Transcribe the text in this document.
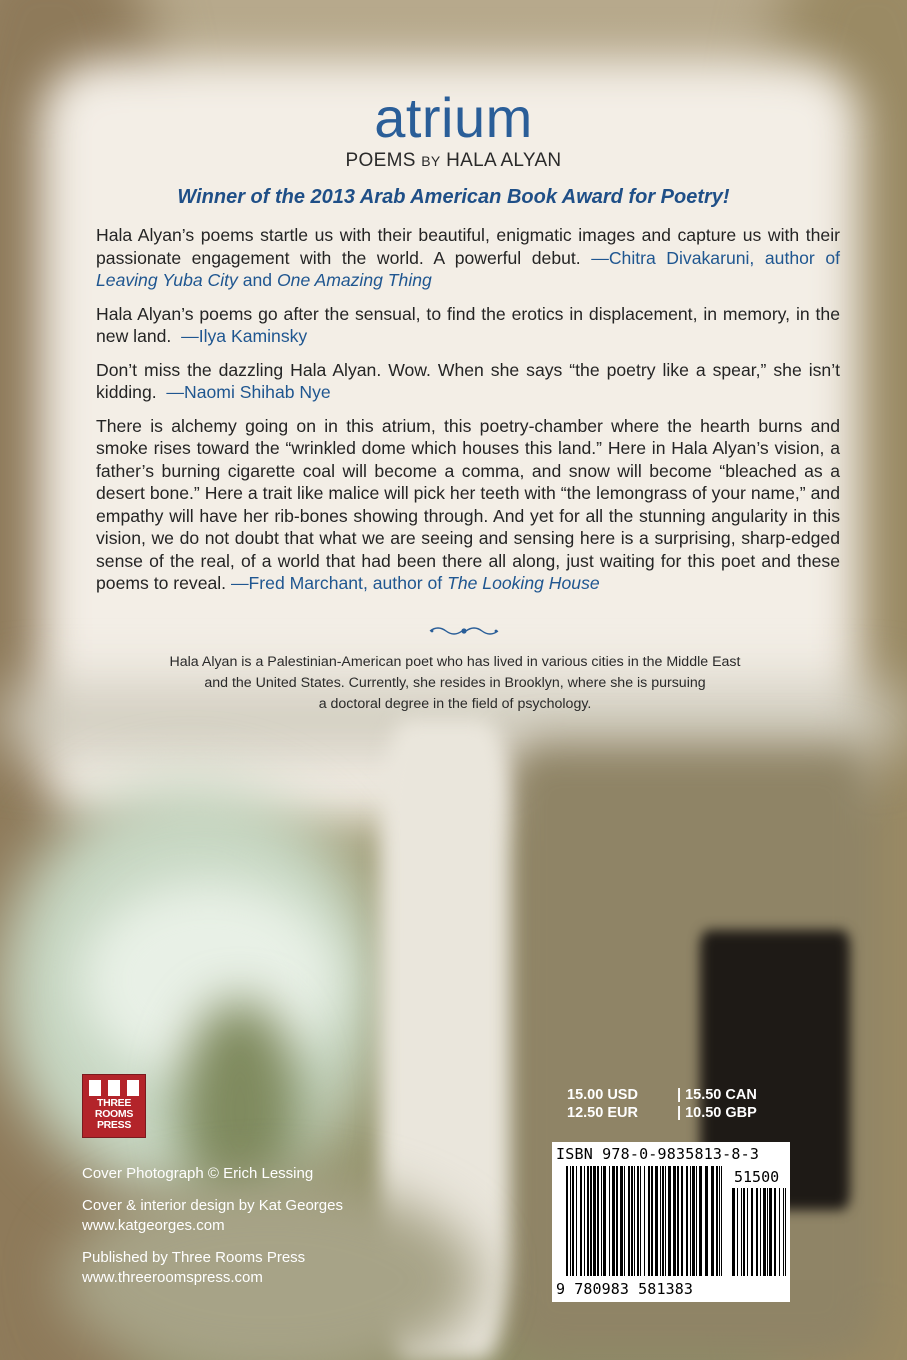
atrium
POEMS BY HALA ALYAN
Winner of the 2013 Arab American Book Award for Poetry!

Hala Alyan’s poems startle us with their beautiful, enigmatic images and capture us with their passionate engagement with the world. A powerful debut. —Chitra Divakaruni, author of Leaving Yuba City and One Amazing Thing

Hala Alyan’s poems go after the sensual, to find the erotics in displacement, in memory, in the new land.  —Ilya Kaminsky

Don’t miss the dazzling Hala Alyan. Wow. When she says “the poetry like a spear,” she isn’t kidding.  —Naomi Shihab Nye

There is alchemy going on in this atrium, this poetry-chamber where the hearth burns and smoke rises toward the “wrinkled dome which houses this land.” Here in Hala Alyan’s vision, a father’s burning cigarette coal will become a comma, and snow will become “bleached as a desert bone.” Here a trait like malice will pick her teeth with “the lemongrass of your name,” and empathy will have her rib-bones showing through. And yet for all the stunning angularity in this vision, we do not doubt that what we are seeing and sensing here is a surprising, sharp-edged sense of the real, of a world that had been there all along, just waiting for this poet and these poems to reveal. —Fred Marchant, author of The Looking House

Hala Alyan is a Palestinian-American poet who has lived in various cities in the Middle East
and the United States. Currently, she resides in Brooklyn, where she is pursuing
a doctoral degree in the field of psychology.
THREE
ROOMS
PRESS

Cover Photograph © Erich Lessing

Cover & interior design by Kat Georges
www.katgeorges.com

Published by Three Rooms Press
www.threeroomspress.com

15.00 USD	| 15.50 CAN
12.50 EUR	| 10.50 GBP
ISBN 978-0-9835813-8-3
51500
9 780983 581383
